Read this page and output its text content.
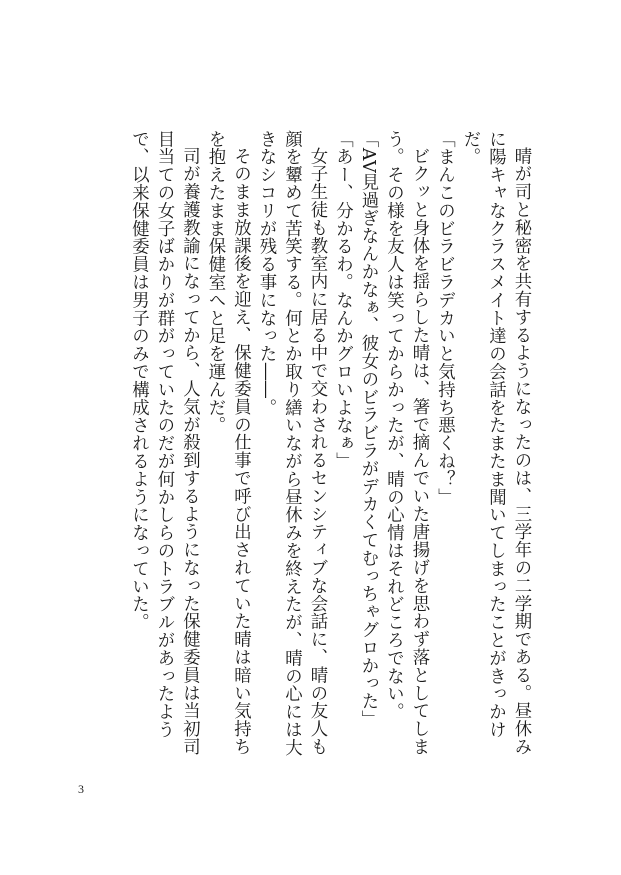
晴が司と秘密を共有するようになったのは、三学年の二学期である。昼休みに陽キャなクラスメイト達の会話をたまたま聞いてしまったことがきっかけだ。

「まんこのビラビラデカいと気持ち悪くね？」

ビクッと身体を揺らした晴は、箸で摘んでいた唐揚げを思わず落としてしまう。その様を友人は笑ってからかったが、晴の心情はそれどころでない。

「AV見過ぎなんかなぁ、彼女のビラビラがデカくてむっちゃグロかった」

「あー、分かるわ。なんかグロいよなぁ」

女子生徒も教室内に居る中で交わされるセンシティブな会話に、晴の友人も顔を顰めて苦笑する。何とか取り繕いながら昼休みを終えたが、晴の心には大きなシコリが残る事になった――。

そのまま放課後を迎え、保健委員の仕事で呼び出されていた晴は暗い気持ちを抱えたまま保健室へと足を運んだ。

司が養護教諭になってから、人気が殺到するようになった保健委員は当初司目当ての女子ばかりが群がっていたのだが何かしらのトラブルがあったようで、以来保健委員は男子のみで構成されるようになっていた。

3
